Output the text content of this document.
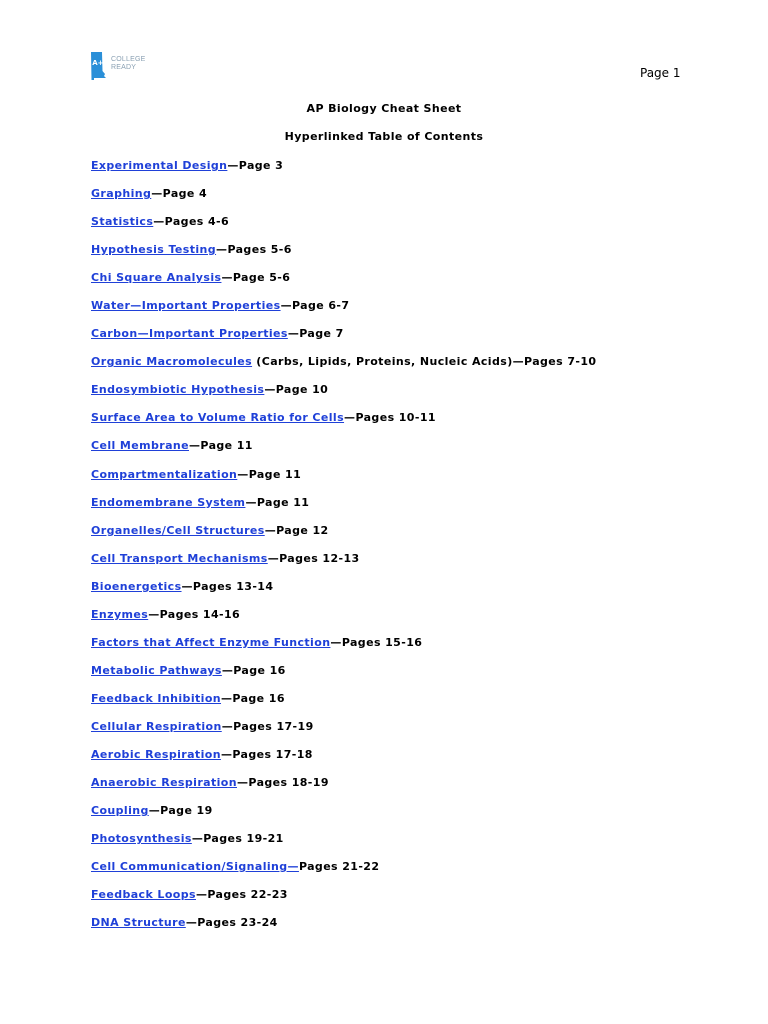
A+ COLLEGE
READY	Page 1
AP Biology Cheat Sheet
Hyperlinked Table of Contents
Experimental Design—Page 3
Graphing—Page 4
Statistics—Pages 4-6
Hypothesis Testing—Pages 5-6
Chi Square Analysis—Page 5-6
Water—Important Properties—Page 6-7
Carbon—Important Properties—Page 7
Organic Macromolecules (Carbs, Lipids, Proteins, Nucleic Acids)—Pages 7-10
Endosymbiotic Hypothesis—Page 10
Surface Area to Volume Ratio for Cells—Pages 10-11
Cell Membrane—Page 11
Compartmentalization—Page 11
Endomembrane System—Page 11
Organelles/Cell Structures—Page 12
Cell Transport Mechanisms—Pages 12-13
Bioenergetics—Pages 13-14
Enzymes—Pages 14-16
Factors that Affect Enzyme Function—Pages 15-16
Metabolic Pathways—Page 16
Feedback Inhibition—Page 16
Cellular Respiration—Pages 17-19
Aerobic Respiration—Pages 17-18
Anaerobic Respiration—Pages 18-19
Coupling—Page 19
Photosynthesis—Pages 19-21
Cell Communication/Signaling—Pages 21-22
Feedback Loops—Pages 22-23
DNA Structure—Pages 23-24
